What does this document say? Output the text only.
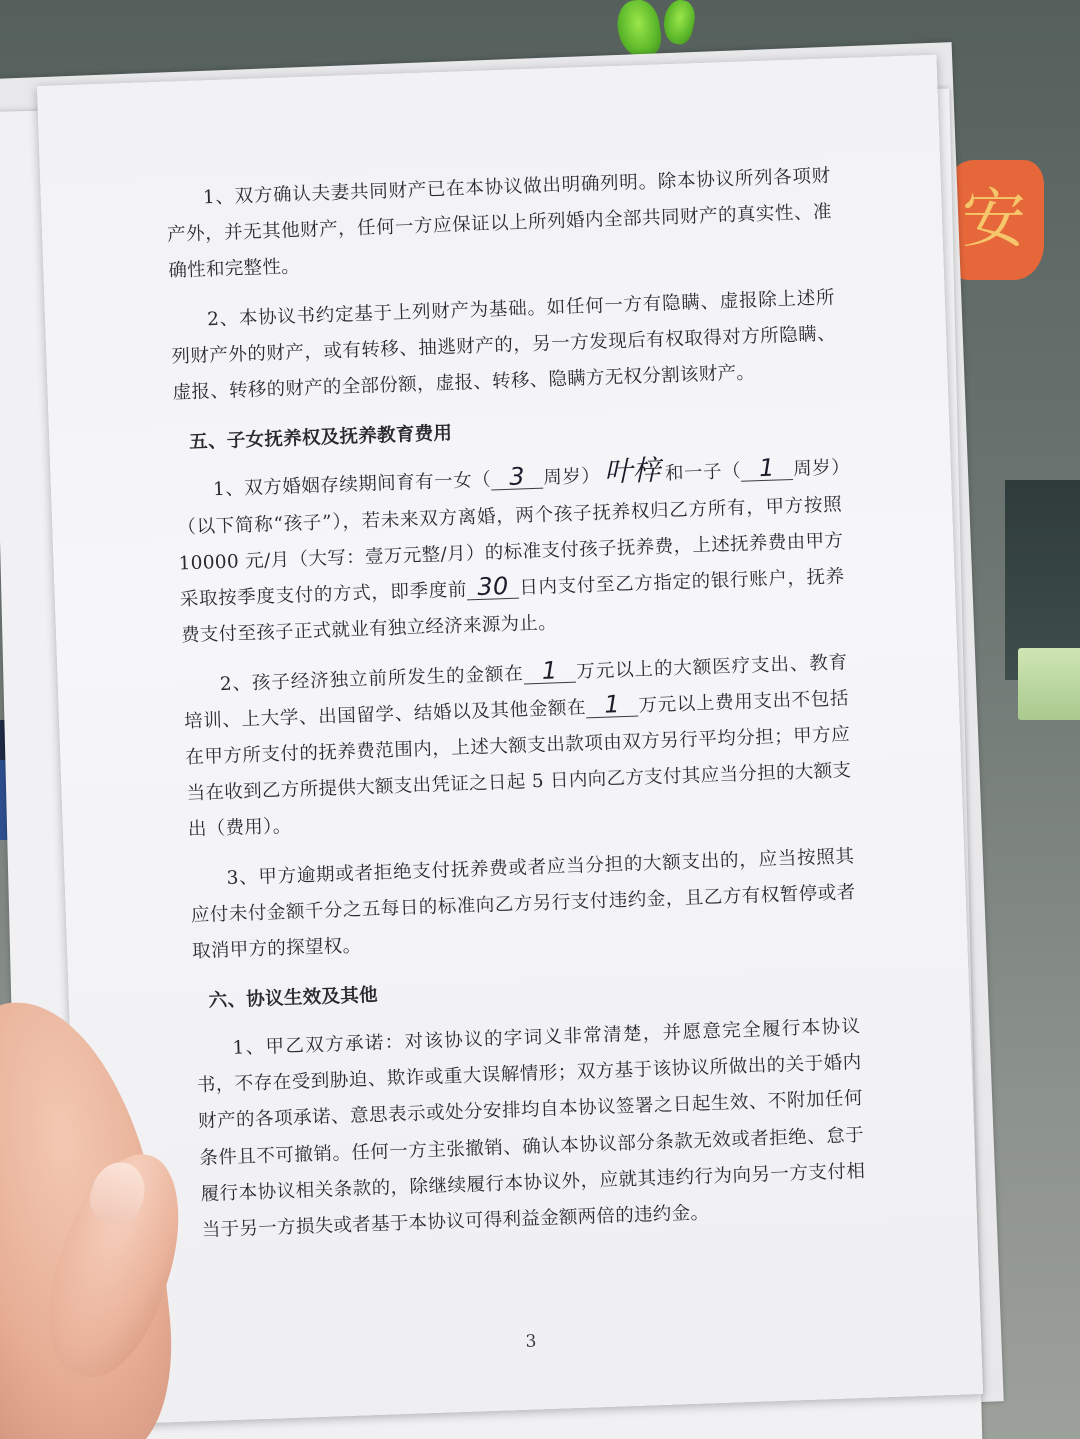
安

1、双方确认夫妻共同财产已在本协议做出明确列明。除本协议所列各项财产外，并无其他财产，任何一方应保证以上所列婚内全部共同财产的真实性、准确性和完整性。

2、本协议书约定基于上列财产为基础。如任何一方有隐瞒、虚报除上述所列财产外的财产，或有转移、抽逃财产的，另一方发现后有权取得对方所隐瞒、虚报、转移的财产的全部份额，虚报、转移、隐瞒方无权分割该财产。

五、子女抚养权及抚养教育费用

1、双方婚姻存续期间育有一女（ 3 周岁） 叶梓 和一子（ 1 周岁）（以下简称“孩子”），若未来双方离婚，两个孩子抚养权归乙方所有，甲方按照 10000 元/月（大写：壹万元整/月）的标准支付孩子抚养费，上述抚养费由甲方采取按季度支付的方式，即季度前 30 日内支付至乙方指定的银行账户，抚养费支付至孩子正式就业有独立经济来源为止。

2、孩子经济独立前所发生的金额在 1 万元以上的大额医疗支出、教育培训、上大学、出国留学、结婚以及其他金额在 1 万元以上费用支出不包括在甲方所支付的抚养费范围内，上述大额支出款项由双方另行平均分担；甲方应当在收到乙方所提供大额支出凭证之日起 5 日内向乙方支付其应当分担的大额支出（费用）。

3、甲方逾期或者拒绝支付抚养费或者应当分担的大额支出的，应当按照其应付未付金额千分之五每日的标准向乙方另行支付违约金，且乙方有权暂停或者取消甲方的探望权。

六、协议生效及其他

1、甲乙双方承诺：对该协议的字词义非常清楚，并愿意完全履行本协议书，不存在受到胁迫、欺诈或重大误解情形；双方基于该协议所做出的关于婚内财产的各项承诺、意思表示或处分安排均自本协议签署之日起生效、不附加任何条件且不可撤销。任何一方主张撤销、确认本协议部分条款无效或者拒绝、怠于履行本协议相关条款的，除继续履行本协议外，应就其违约行为向另一方支付相当于另一方损失或者基于本协议可得利益金额两倍的违约金。

3
